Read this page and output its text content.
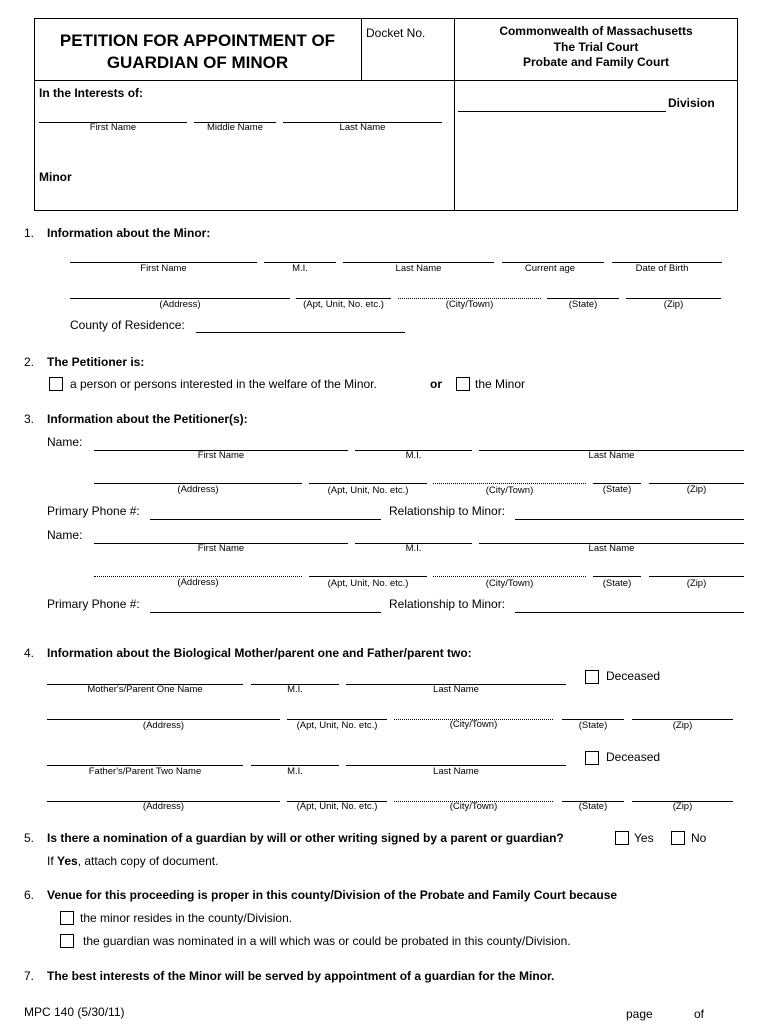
PETITION FOR APPOINTMENT OF
GUARDIAN OF MINOR
Docket No.	Commonwealth of Massachusetts
The Trial Court
Probate and Family Court
In the Interests of:
First Name	Middle Name	Last Name
Minor
Division
1. Information about the Minor:
First Name	M.I.	Last Name	Current age	Date of Birth
(Address)	(Apt, Unit, No. etc.)	(City/Town)	(State)	(Zip)
County of Residence:
2. The Petitioner is:
a person or persons interested in the welfare of the Minor.	or	the Minor
3. Information about the Petitioner(s):
Name:
First Name	M.I.	Last Name
(Address)	(Apt, Unit, No. etc.)	(City/Town)	(State)	(Zip)
Primary Phone #:	Relationship to Minor:
Name:
First Name	M.I.	Last Name
(Address)	(Apt, Unit, No. etc.)	(City/Town)	(State)	(Zip)
Primary Phone #:	Relationship to Minor:
4. Information about the Biological Mother/parent one and Father/parent two:
Deceased
Mother's/Parent One Name	M.I.	Last Name
(Address)	(Apt, Unit, No. etc.)	(City/Town)	(State)	(Zip)
Deceased
Father's/Parent Two Name	M.I.	Last Name
(Address)	(Apt, Unit, No. etc.)	(City/Town)	(State)	(Zip)
5. Is there a nomination of a guardian by will or other writing signed by a parent or guardian?	Yes	No
If Yes, attach copy of document.
6. Venue for this proceeding is proper in this county/Division of the Probate and Family Court because
the minor resides in the county/Division.
the guardian was nominated in a will which was or could be probated in this county/Division.
7. The best interests of the Minor will be served by appointment of a guardian for the Minor.
MPC 140 (5/30/11)	page	of
